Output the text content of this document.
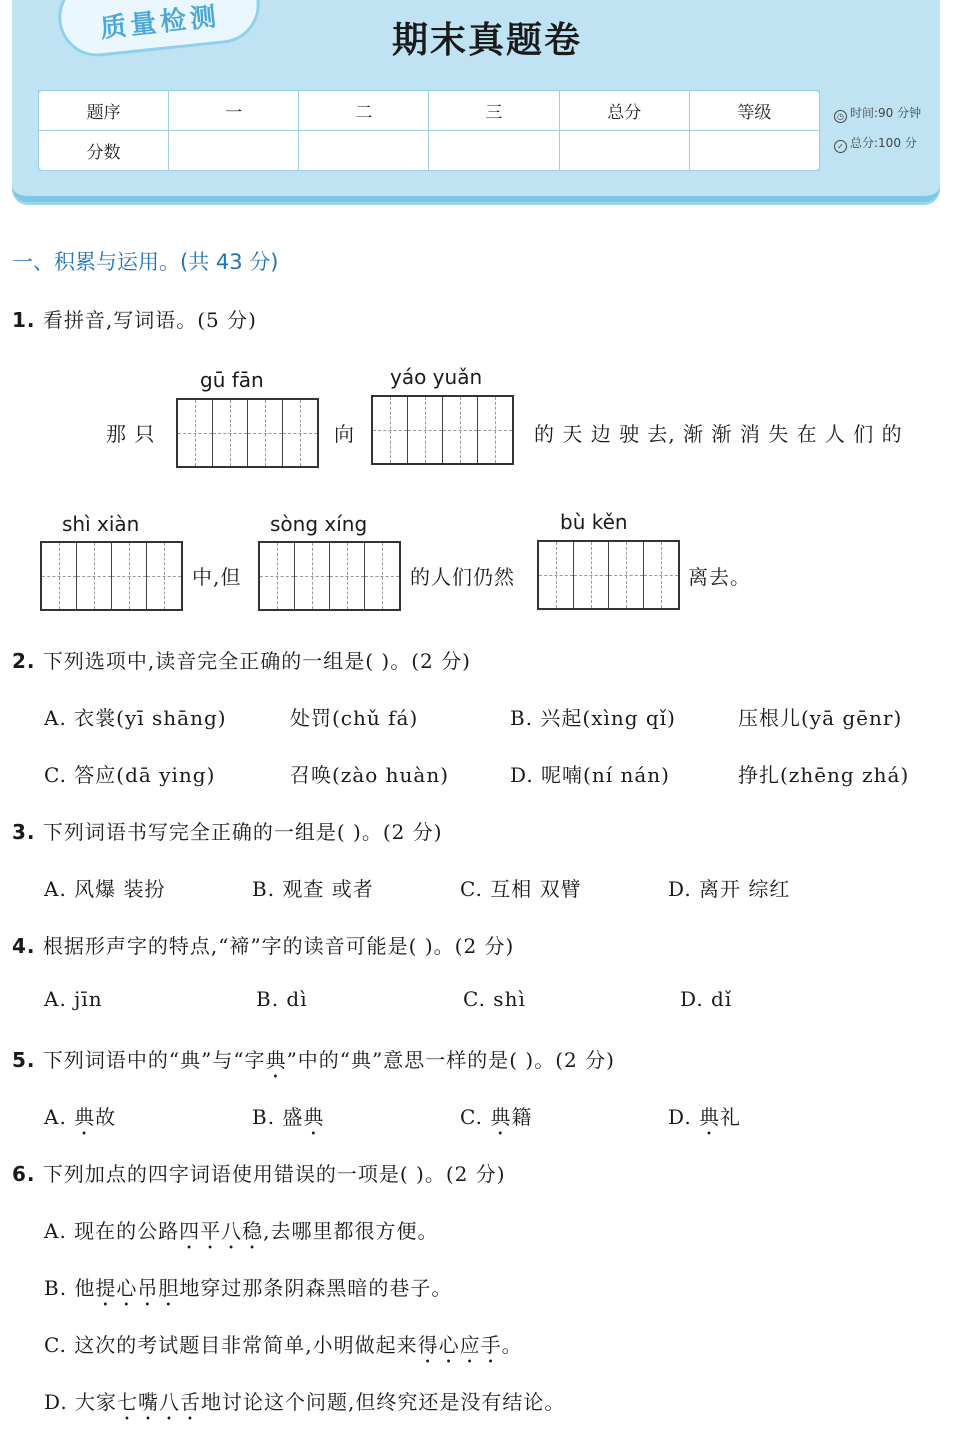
质量检测	期末真题卷
题序	一	二	三	总分	等级
分数					
◷ 时间:90 分钟
✓ 总分:100 分
一、积累与运用。(共 43 分)
1. 看拼音,写词语。(5 分)
gū fān	yáo yuǎn
那 只	向	的 天 边 驶 去, 渐 渐 消 失 在 人 们 的
shì xiàn	sòng xíng	bù kěn
中,但	的人们仍然	离去。
2. 下列选项中,读音完全正确的一组是( )。(2 分)
A. 衣裳(yī shāng)	处罚(chǔ fá)	B. 兴起(xìng qǐ)	压根儿(yā gēnr)
C. 答应(dā ying)	召唤(zào huàn)	D. 呢喃(ní nán)	挣扎(zhēng zhá)
3. 下列词语书写完全正确的一组是( )。(2 分)
A. 风爆 装扮	B. 观查 或者	C. 互相 双臂	D. 离开 综红
4. 根据形声字的特点,“褅”字的读音可能是( )。(2 分)
A. jīn	B. dì	C. shì	D. dǐ
5. 下列词语中的“典”与“字典”中的“典”意思一样的是( )。(2 分)
A. 典故	B. 盛典	C. 典籍	D. 典礼
6. 下列加点的四字词语使用错误的一项是( )。(2 分)
A. 现在的公路四平八稳,去哪里都很方便。
B. 他提心吊胆地穿过那条阴森黑暗的巷子。
C. 这次的考试题目非常简单,小明做起来得心应手。
D. 大家七嘴八舌地讨论这个问题,但终究还是没有结论。
